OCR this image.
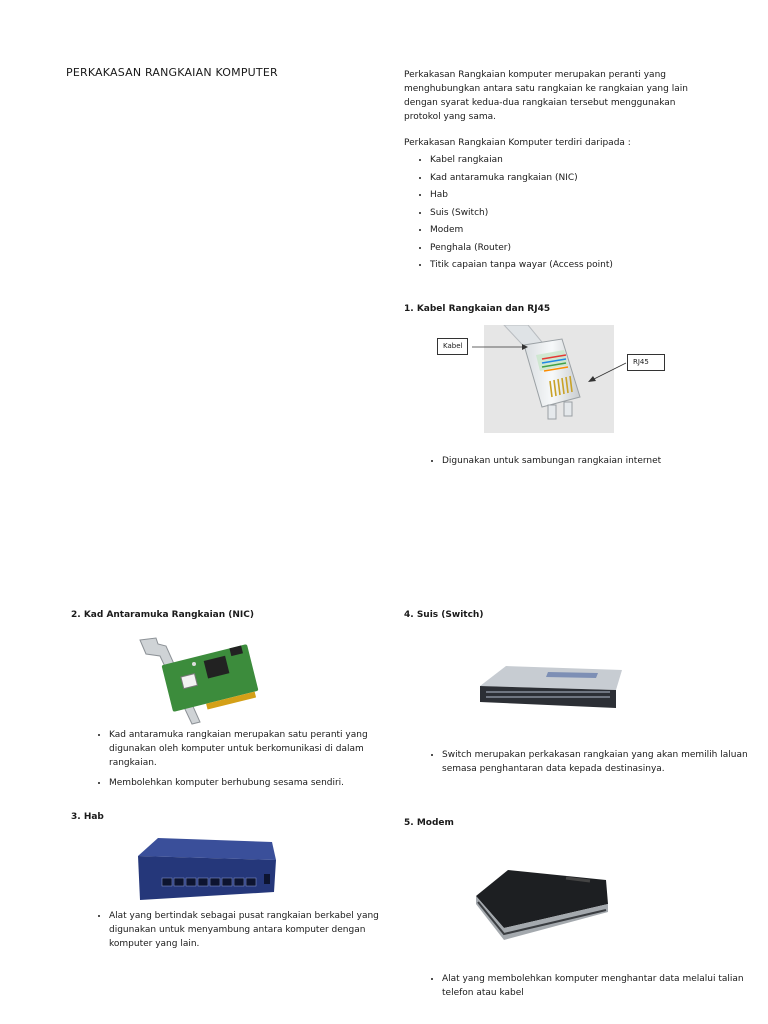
PERKAKASAN RANGKAIAN KOMPUTER	Perkakasan Rangkaian komputer merupakan peranti yang menghubungkan antara satu rangkaian ke rangkaian yang lain dengan syarat kedua-dua rangkaian tersebut menggunakan protokol yang sama.

Perkakasan Rangkaian Komputer terdiri daripada :

• Kabel rangkaian
• Kad antaramuka rangkaian (NIC)
• Hab
• Suis (Switch)
• Modem
• Penghala (Router)
• Titik capaian tanpa wayar (Access point)
1. Kabel Rangkaian dan RJ45
Kabel
RJ45
• Digunakan untuk sambungan rangkaian internet
2. Kad Antaramuka Rangkaian (NIC)
• Kad antaramuka rangkaian merupakan satu peranti yang digunakan oleh komputer untuk berkomunikasi di dalam rangkaian.
• Membolehkan komputer berhubung sesama sendiri.
3. Hab
• Alat yang bertindak sebagai pusat rangkaian berkabel yang digunakan untuk menyambung antara komputer dengan komputer yang lain.
4. Suis (Switch)
• Switch merupakan perkakasan rangkaian yang akan memilih laluan semasa penghantaran data kepada destinasinya.
5. Modem
• Alat yang membolehkan komputer menghantar data melalui talian telefon atau kabel
